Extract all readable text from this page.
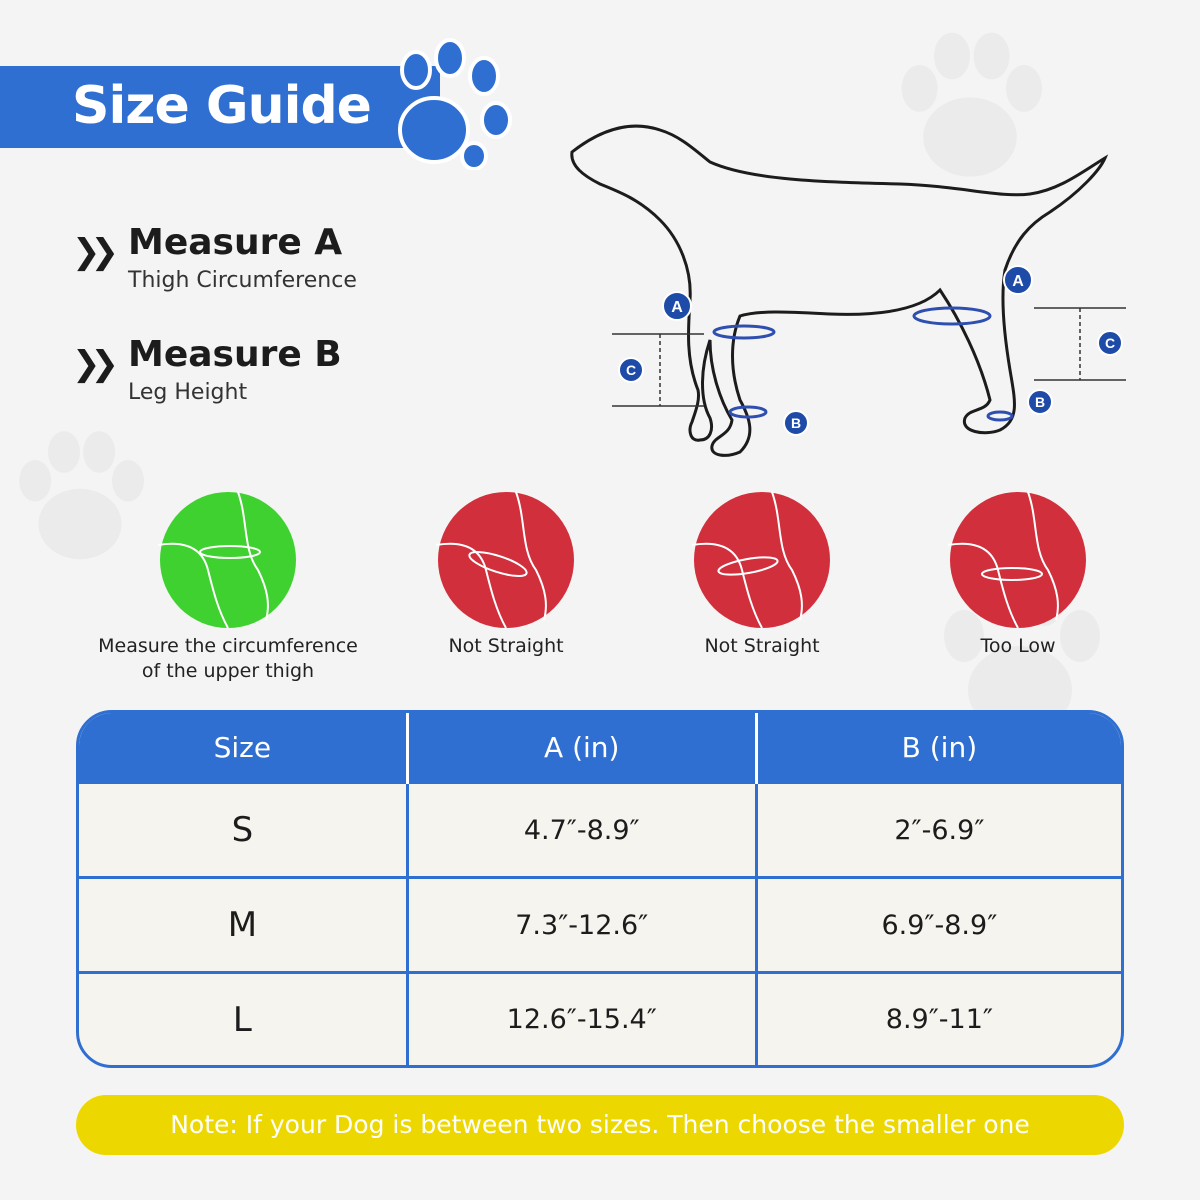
Size Guide
❯❯ Measure A
Thigh Circumference
❯❯ Measure B
Leg Height
A
C
B
A
C
B
Measure the circumference
of the upper thigh
Not Straight	Not Straight	Too Low
Size	A (in)	B (in)
S	4.7″-8.9″	2″-6.9″
M	7.3″-12.6″	6.9″-8.9″
L	12.6″-15.4″	8.9″-11″
Note: If your Dog is between two sizes. Then choose the smaller one
